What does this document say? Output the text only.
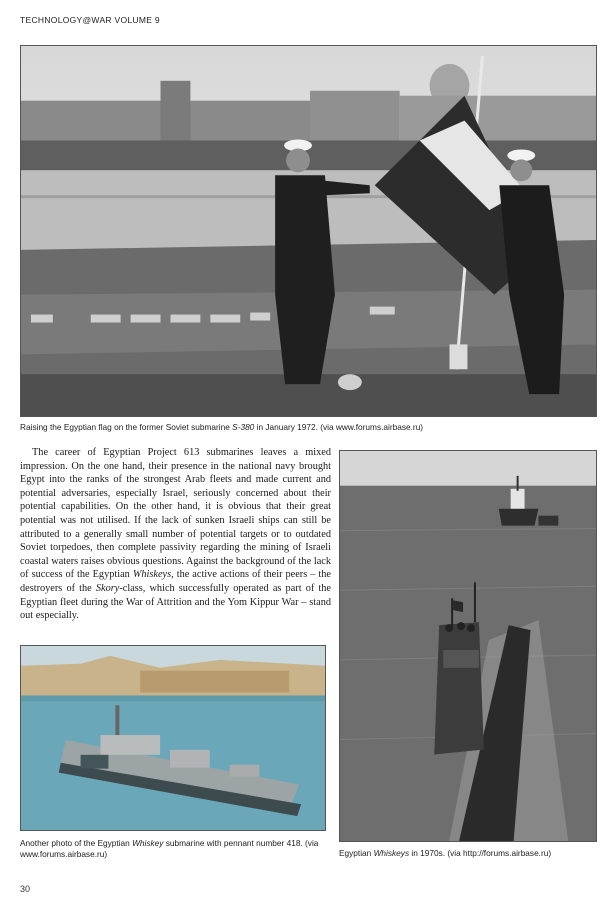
TECHNOLOGY@WAR VOLUME 9
Raising the Egyptian flag on the former Soviet submarine S-380 in January 1972. (via www.forums.airbase.ru)

The career of Egyptian Project 613 submarines leaves a mixed impression. On the one hand, their presence in the national navy brought Egypt into the ranks of the strongest Arab fleets and made current and potential adversaries, especially Israel, seriously concerned about their potential capabilities. On the other hand, it is obvious that their great potential was not utilised. If the lack of sunken Israeli ships can still be attributed to a generally small number of potential targets or to outdated Soviet torpedoes, then complete passivity regarding the mining of Israeli coastal waters raises obvious questions. Against the background of the lack of success of the Egyptian Whiskeys, the active actions of their peers – the destroyers of the Skory-class, which successfully operated as part of the Egyptian fleet during the War of Attrition and the Yom Kippur War – stand out especially.

Another photo of the Egyptian Whiskey submarine with pennant number 418. (via www.forums.airbase.ru)	Egyptian Whiskeys in 1970s. (via http://forums.airbase.ru)
30
